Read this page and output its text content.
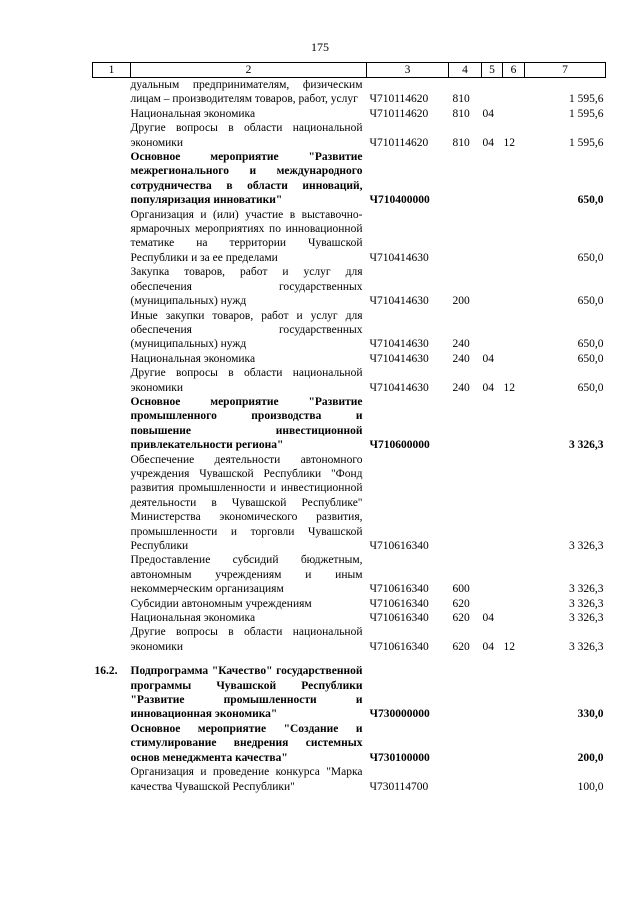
175
1	2	3	4	5	6	7
	дуальным предпринимателям, физическим лицам – производителям товаров, работ, услуг	Ч710114620	810			1 595,6
	Национальная экономика	Ч710114620	810	04		1 595,6
	Другие вопросы в области национальной экономики	Ч710114620	810	04	12	1 595,6
	Основное мероприятие "Развитие межрегионального и международного сотрудничества в области инноваций, популяризация инноватики"	Ч710400000				650,0
	Организация и (или) участие в выставочно-ярмарочных мероприятиях по инновационной тематике на территории Чувашской Республики и за ее пределами	Ч710414630				650,0
	Закупка товаров, работ и услуг для обеспечения государственных (муниципальных) нужд	Ч710414630	200			650,0
	Иные закупки товаров, работ и услуг для обеспечения государственных (муниципальных) нужд	Ч710414630	240			650,0
	Национальная экономика	Ч710414630	240	04		650,0
	Другие вопросы в области национальной экономики	Ч710414630	240	04	12	650,0
	Основное мероприятие "Развитие промышленного производства и повышение инвестиционной привлекательности региона"	Ч710600000				3 326,3
	Обеспечение деятельности автономного учреждения Чувашской Республики "Фонд развития промышленности и инвестиционной деятельности в Чувашской Республике" Министерства экономического развития, промышленности и торговли Чувашской Республики	Ч710616340				3 326,3
	Предоставление субсидий бюджетным, автономным учреждениям и иным некоммерческим организациям	Ч710616340	600			3 326,3
	Субсидии автономным учреждениям	Ч710616340	620			3 326,3
	Национальная экономика	Ч710616340	620	04		3 326,3
	Другие вопросы в области национальной экономики	Ч710616340	620	04	12	3 326,3

16.2.	Подпрограмма "Качество" государственной программы Чувашской Республики "Развитие промышленности и инновационная экономика"	Ч730000000				330,0
	Основное мероприятие "Создание и стимулирование внедрения системных основ менеджмента качества"	Ч730100000				200,0
	Организация и проведение конкурса "Марка качества Чувашской Республики"	Ч730114700				100,0
